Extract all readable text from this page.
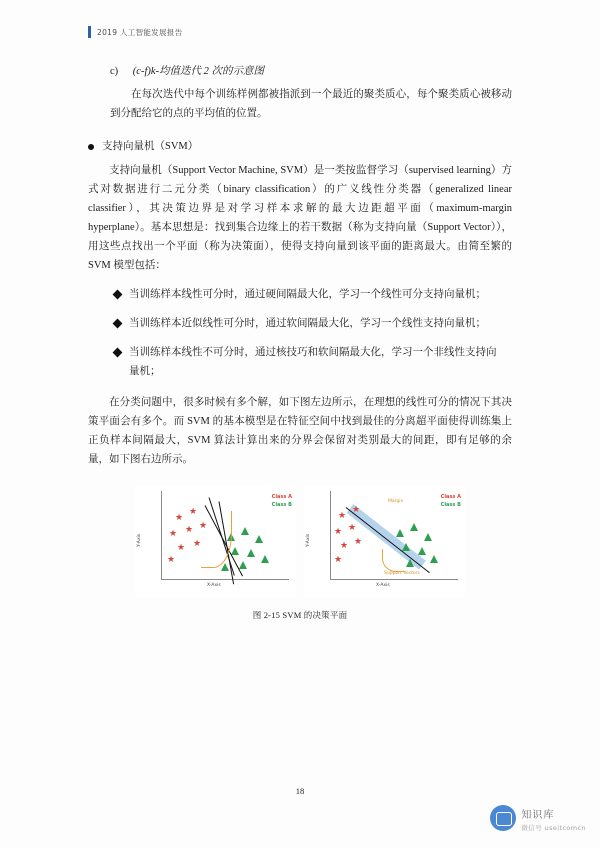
2019 人工智能发展报告
c) (c-f)k-均值迭代 2 次的示意图
在每次迭代中每个训练样例都被指派到一个最近的聚类质心，每个聚类质心被移动到分配给它的点的平均值的位置。
支持向量机（SVM）
支持向量机（Support Vector Machine, SVM）是一类按监督学习（supervised learning）方式对数据进行二元分类（binary classification）的广义线性分类器（generalized linear classifier），其决策边界是对学习样本求解的最大边距超平面（maximum-margin hyperplane）。基本思想是：找到集合边缘上的若干数据（称为支持向量（Support Vector）），用这些点找出一个平面（称为决策面），使得支持向量到该平面的距离最大。由简至繁的 SVM 模型包括：
当训练样本线性可分时，通过硬间隔最大化，学习一个线性可分支持向量机；
当训练样本近似线性可分时，通过软间隔最大化，学习一个线性支持向量机；
当训练样本线性不可分时，通过核技巧和软间隔最大化，学习一个非线性支持向量机；
在分类问题中，很多时候有多个解，如下图左边所示，在理想的线性可分的情况下其决策平面会有多个。而 SVM 的基本模型是在特征空间中找到最佳的分离超平面使得训练集上正负样本间隔最大，SVM 算法计算出来的分界会保留对类别最大的间距，即有足够的余量，如下图右边所示。
Y-Axis
X-Axis
Class A
Class B
★
★
★ ★ ★
★ ★
★
Y-Axis
X-Axis
Class A
Class B
★
★
★ ★
★ ★
★
Margin
Support Vectors
图 2-15 SVM 的决策平面
18
知识库
微信号 useitcomcn
